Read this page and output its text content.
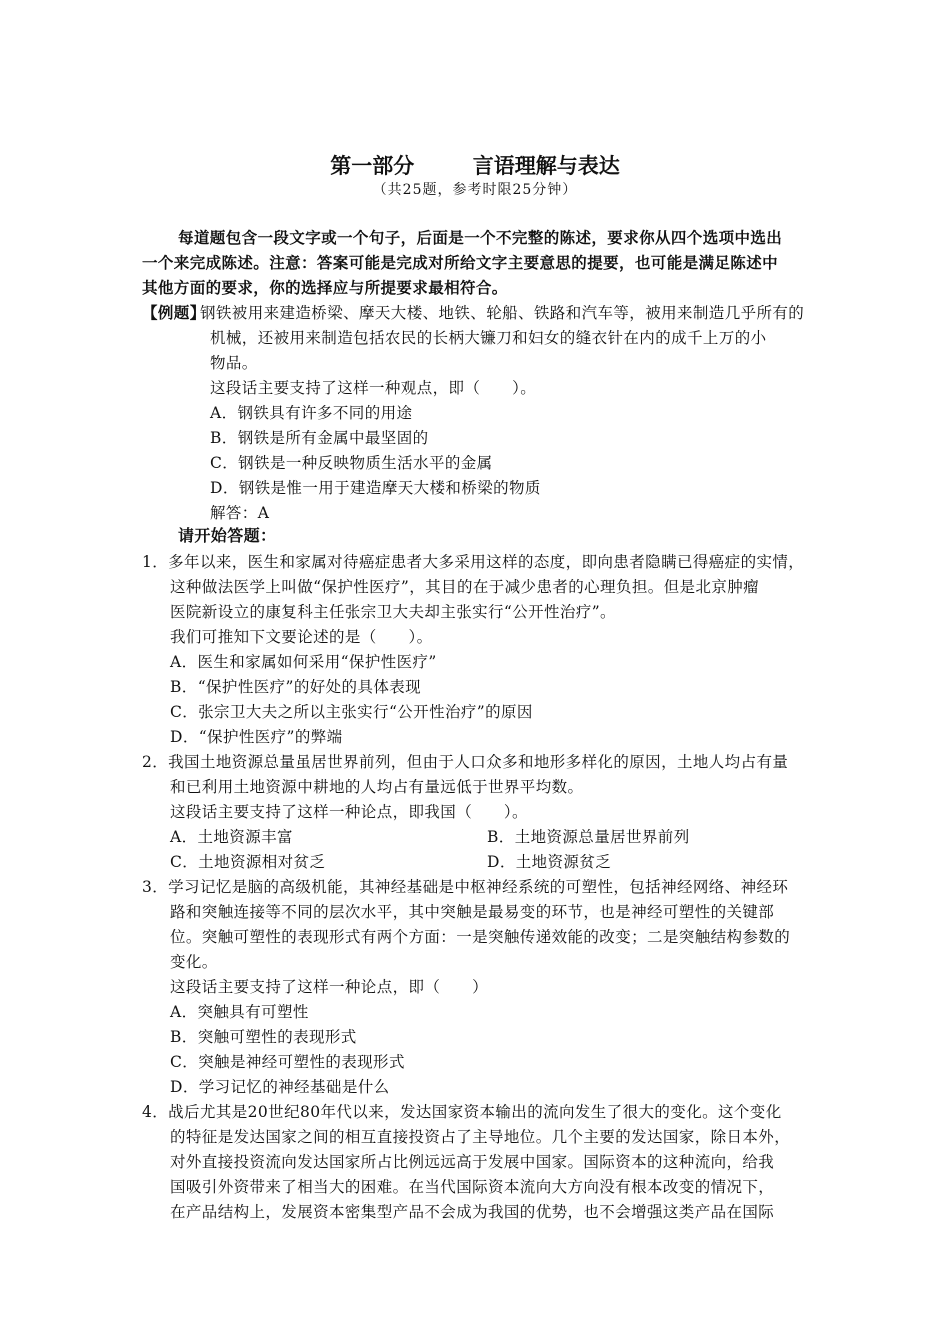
第一部分        言语理解与表达
（共25题，参考时限25分钟）
每道题包含一段文字或一个句子，后面是一个不完整的陈述，要求你从四个选项中选出
一个来完成陈述。注意：答案可能是完成对所给文字主要意思的提要，也可能是满足陈述中
其他方面的要求，你的选择应与所提要求最相符合。
【例题】
钢铁被用来建造桥梁、摩天大楼、地铁、轮船、铁路和汽车等，被用来制造几乎所有的
机械，还被用来制造包括农民的长柄大镰刀和妇女的缝衣针在内的成千上万的小
物品。
这段话主要支持了这样一种观点，即（　　）。
A．钢铁具有许多不同的用途
B．钢铁是所有金属中最坚固的
C．钢铁是一种反映物质生活水平的金属
D．钢铁是惟一用于建造摩天大楼和桥梁的物质
解答：A
请开始答题：
1．多年以来，医生和家属对待癌症患者大多采用这样的态度，即向患者隐瞒已得癌症的实情，
这种做法医学上叫做“保护性医疗”，其目的在于减少患者的心理负担。但是北京肿瘤
医院新设立的康复科主任张宗卫大夫却主张实行“公开性治疗”。
我们可推知下文要论述的是（　　）。
A．医生和家属如何采用“保护性医疗”
B．“保护性医疗”的好处的具体表现
C．张宗卫大夫之所以主张实行“公开性治疗”的原因
D．“保护性医疗”的弊端
2．我国土地资源总量虽居世界前列，但由于人口众多和地形多样化的原因，土地人均占有量
和已利用土地资源中耕地的人均占有量远低于世界平均数。
这段话主要支持了这样一种论点，即我国（　　）。
A．土地资源丰富	B．土地资源总量居世界前列
C．土地资源相对贫乏	D．土地资源贫乏
3．学习记忆是脑的高级机能，其神经基础是中枢神经系统的可塑性，包括神经网络、神经环
路和突触连接等不同的层次水平，其中突触是最易变的环节，也是神经可塑性的关键部
位。突触可塑性的表现形式有两个方面：一是突触传递效能的改变；二是突触结构参数的
变化。
这段话主要支持了这样一种论点，即（　　）
A．突触具有可塑性
B．突触可塑性的表现形式
C．突触是神经可塑性的表现形式
D．学习记忆的神经基础是什么
4．战后尤其是20世纪80年代以来，发达国家资本输出的流向发生了很大的变化。这个变化
的特征是发达国家之间的相互直接投资占了主导地位。几个主要的发达国家，除日本外，
对外直接投资流向发达国家所占比例远远高于发展中国家。国际资本的这种流向，给我
国吸引外资带来了相当大的困难。在当代国际资本流向大方向没有根本改变的情况下，
在产品结构上，发展资本密集型产品不会成为我国的优势，也不会增强这类产品在国际
